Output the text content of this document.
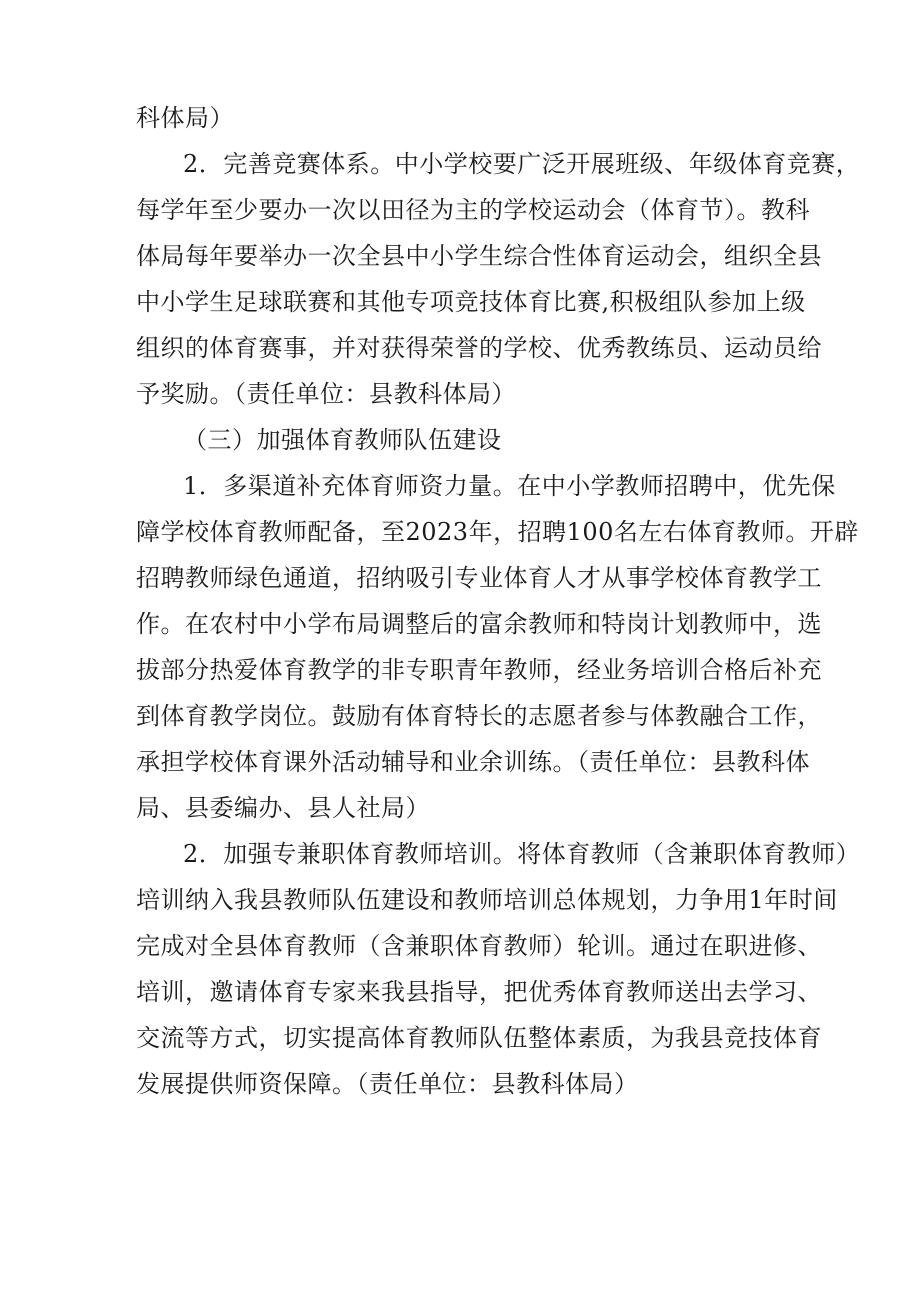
科体局）
2．完善竞赛体系。中小学校要广泛开展班级、年级体育竞赛，
每学年至少要办一次以田径为主的学校运动会（体育节）。教科
体局每年要举办一次全县中小学生综合性体育运动会，组织全县
中小学生足球联赛和其他专项竞技体育比赛,积极组队参加上级
组织的体育赛事，并对获得荣誉的学校、优秀教练员、运动员给
予奖励。（责任单位：县教科体局）
（三）加强体育教师队伍建设
1．多渠道补充体育师资力量。在中小学教师招聘中，优先保
障学校体育教师配备，至2023年，招聘100名左右体育教师。开辟
招聘教师绿色通道，招纳吸引专业体育人才从事学校体育教学工
作。在农村中小学布局调整后的富余教师和特岗计划教师中，选
拔部分热爱体育教学的非专职青年教师，经业务培训合格后补充
到体育教学岗位。鼓励有体育特长的志愿者参与体教融合工作，
承担学校体育课外活动辅导和业余训练。（责任单位：县教科体
局、县委编办、县人社局）
2．加强专兼职体育教师培训。将体育教师（含兼职体育教师）
培训纳入我县教师队伍建设和教师培训总体规划，力争用1年时间
完成对全县体育教师（含兼职体育教师）轮训。通过在职进修、
培训，邀请体育专家来我县指导，把优秀体育教师送出去学习、
交流等方式，切实提高体育教师队伍整体素质，为我县竞技体育
发展提供师资保障。（责任单位：县教科体局）
